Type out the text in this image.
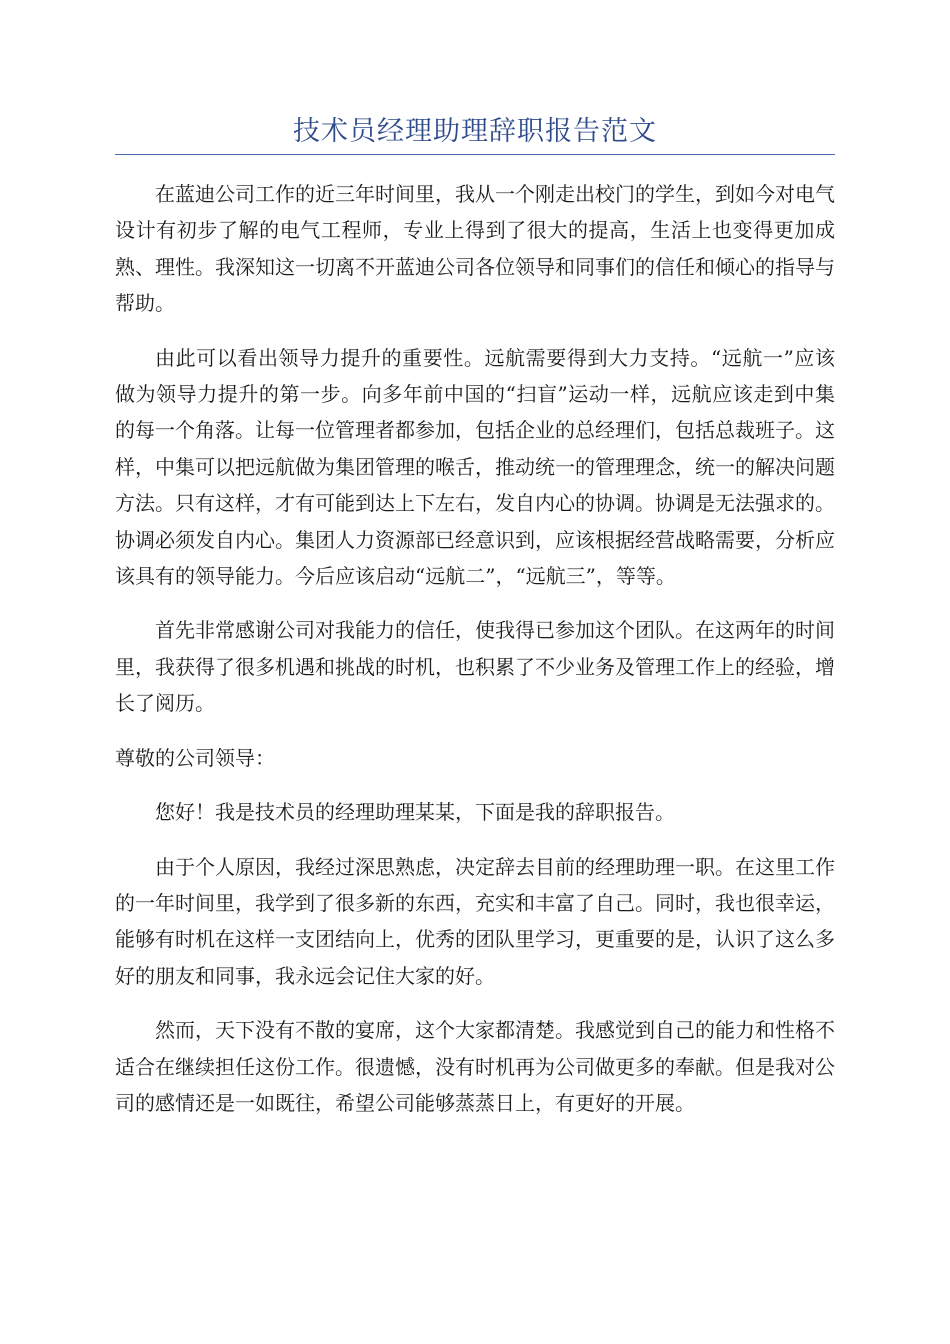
技术员经理助理辞职报告范文

在蓝迪公司工作的近三年时间里，我从一个刚走出校门的学生，到如今对电气设计有初步了解的电气工程师，专业上得到了很大的提高，生活上也变得更加成熟、理性。我深知这一切离不开蓝迪公司各位领导和同事们的信任和倾心的指导与帮助。

由此可以看出领导力提升的重要性。远航需要得到大力支持。“远航一”应该做为领导力提升的第一步。向多年前中国的“扫盲”运动一样，远航应该走到中集的每一个角落。让每一位管理者都参加，包括企业的总经理们，包括总裁班子。这样，中集可以把远航做为集团管理的喉舌，推动统一的管理理念，统一的解决问题方法。只有这样，才有可能到达上下左右，发自内心的协调。协调是无法强求的。协调必须发自内心。集团人力资源部已经意识到，应该根据经营战略需要，分析应该具有的领导能力。今后应该启动“远航二”，“远航三”，等等。

首先非常感谢公司对我能力的信任，使我得已参加这个团队。在这两年的时间里，我获得了很多机遇和挑战的时机，也积累了不少业务及管理工作上的经验，增长了阅历。

尊敬的公司领导：

您好！我是技术员的经理助理某某，下面是我的辞职报告。

由于个人原因，我经过深思熟虑，决定辞去目前的经理助理一职。在这里工作的一年时间里，我学到了很多新的东西，充实和丰富了自己。同时，我也很幸运，能够有时机在这样一支团结向上，优秀的团队里学习，更重要的是，认识了这么多好的朋友和同事，我永远会记住大家的好。

然而，天下没有不散的宴席，这个大家都清楚。我感觉到自己的能力和性格不适合在继续担任这份工作。很遗憾，没有时机再为公司做更多的奉献。但是我对公司的感情还是一如既往，希望公司能够蒸蒸日上，有更好的开展。
